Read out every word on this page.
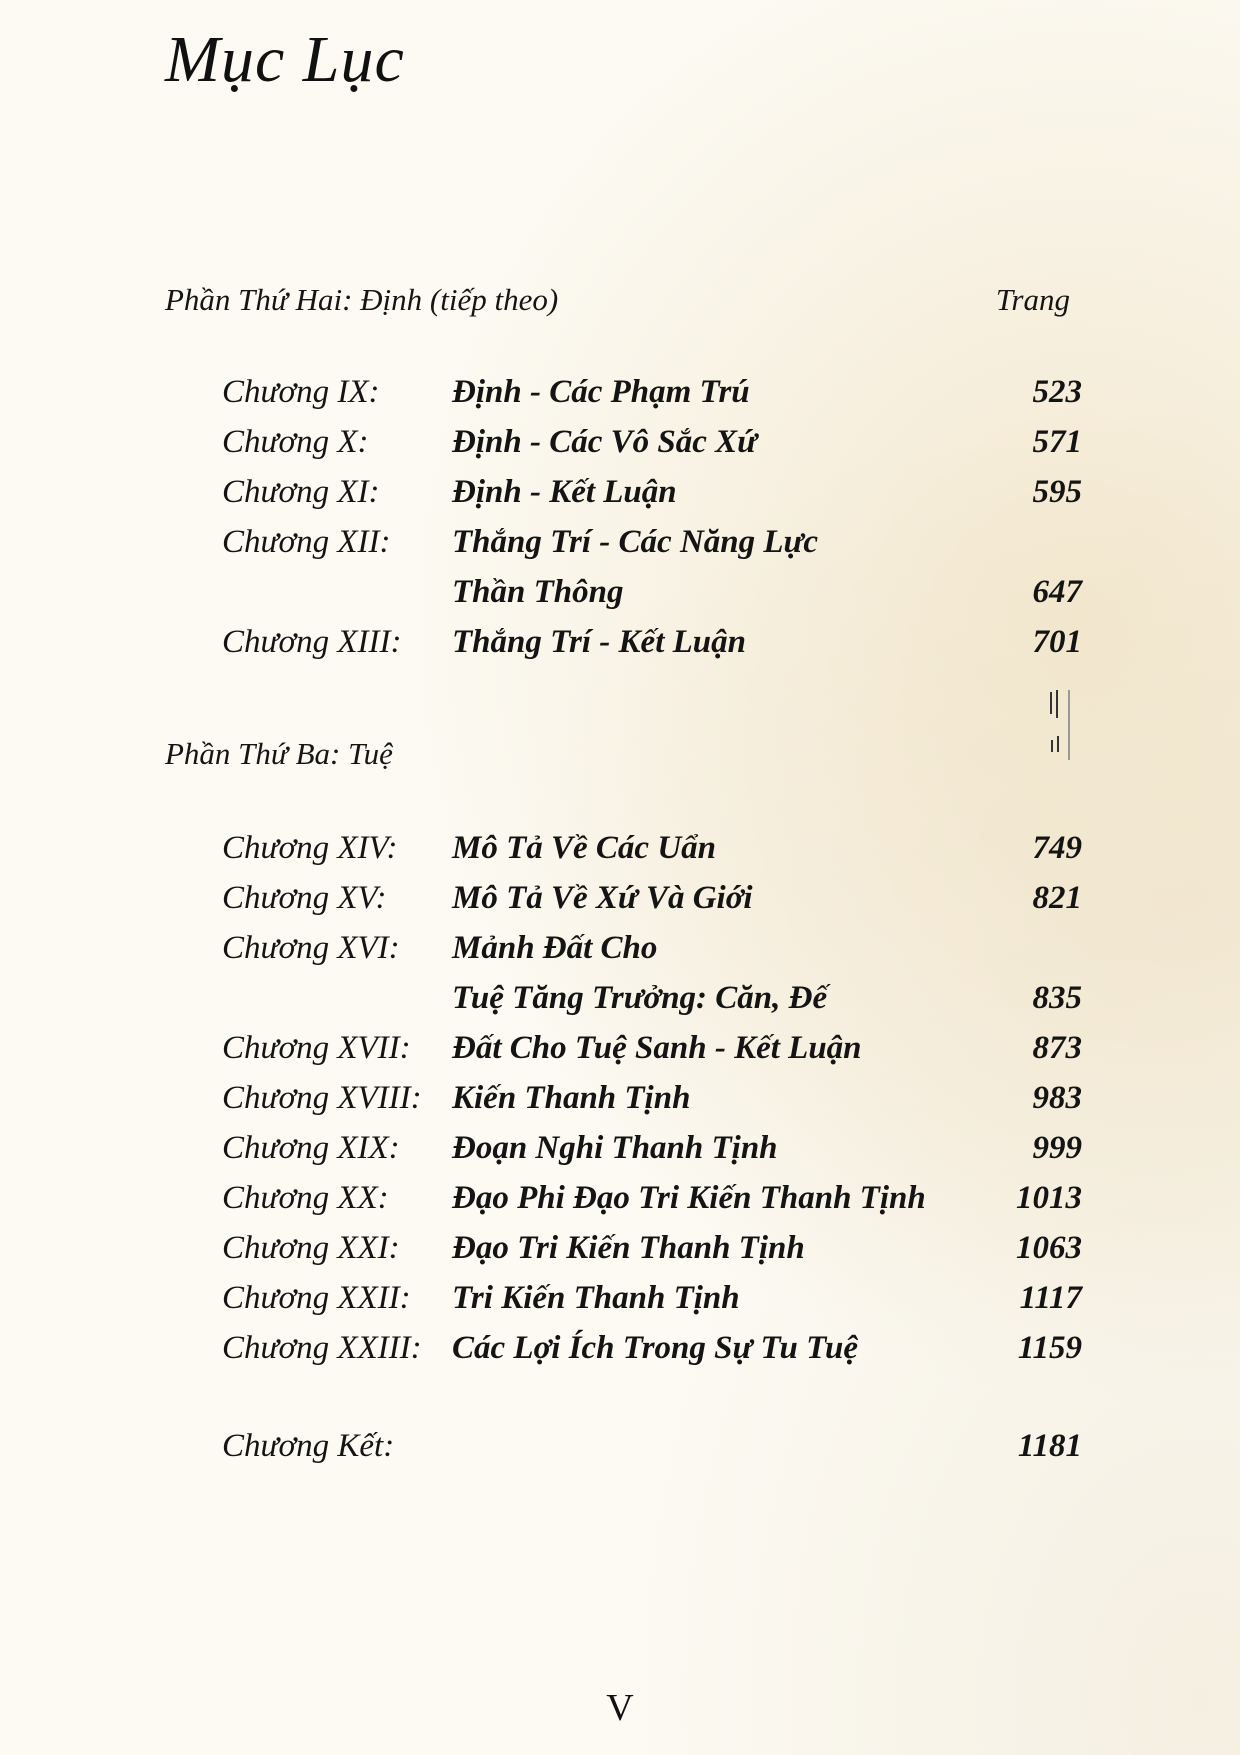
Mục Lục
Phần Thứ Hai: Định (tiếp theo)	Trang
Chương IX: Định - Các Phạm Trú	523
Chương X:	Định - Các Vô Sắc Xứ	571
Chương XI: Định - Kết Luận	595
Chương XII: Thắng Trí - Các Năng Lực
Thần Thông	647
Chương XIII: Thắng Trí - Kết Luận	701
Phần Thứ Ba: Tuệ
Chương XIV: Mô Tả Về Các Uẩn	749
Chương XV: Mô Tả Về Xứ Và Giới	821
Chương XVI: Mảnh Đất Cho
Tuệ Tăng Trưởng: Căn, Đế	835
Chương XVII: Đất Cho Tuệ Sanh - Kết Luận	873
Chương XVIII: Kiến Thanh Tịnh	983
Chương XIX: Đoạn Nghi Thanh Tịnh	999
Chương XX: Đạo Phi Đạo Tri Kiến Thanh Tịnh	1013
Chương XXI: Đạo Tri Kiến Thanh Tịnh	1063
Chương XXII: Tri Kiến Thanh Tịnh	1117
Chương XXIII: Các Lợi Ích Trong Sự Tu Tuệ	1159
Chương Kết:	1181
V
